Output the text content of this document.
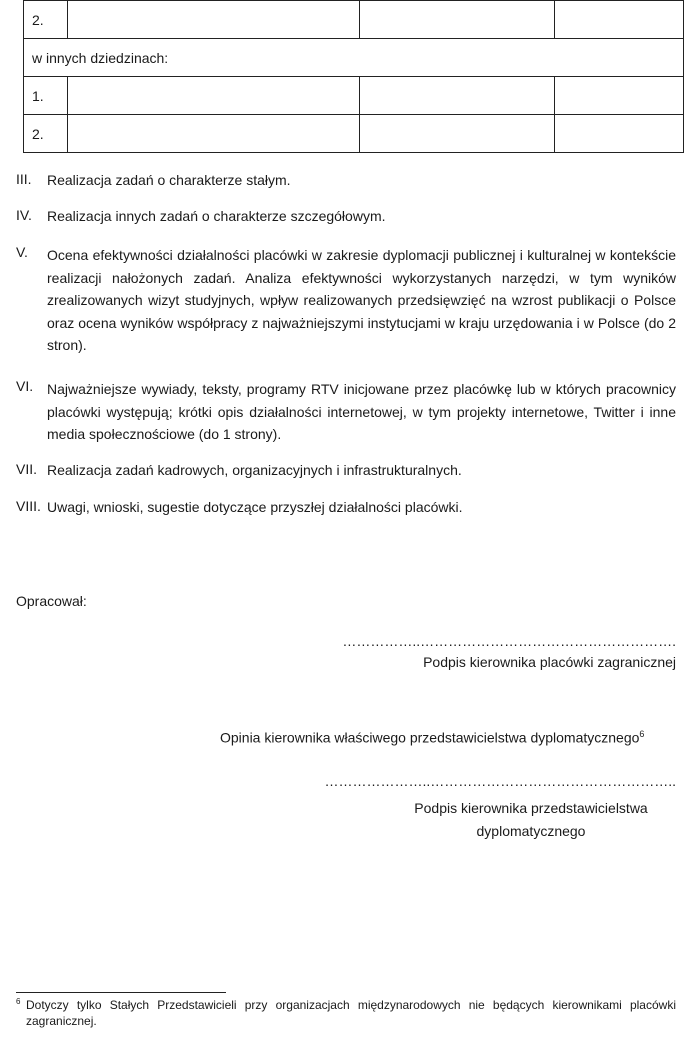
2.			
w innych dziedzinach:			
1.			
2.			
III. Realizacja zadań o charakterze stałym.
IV. Realizacja innych zadań o charakterze szczegółowym.
V. Ocena efektywności działalności placówki w zakresie dyplomacji publicznej i kulturalnej w kontekście realizacji nałożonych zadań. Analiza efektywności wykorzystanych narzędzi, w tym wyników zrealizowanych wizyt studyjnych, wpływ realizowanych przedsięwzięć na wzrost publikacji o Polsce oraz ocena wyników współpracy z najważniejszymi instytucjami w kraju urzędowania i w Polsce (do 2 stron).
VI. Najważniejsze wywiady, teksty, programy RTV inicjowane przez placówkę lub w których pracownicy placówki występują; krótki opis działalności internetowej, w tym projekty internetowe, Twitter i inne media społecznościowe (do 1 strony).
VII. Realizacja zadań kadrowych, organizacyjnych i infrastrukturalnych.
VIII. Uwagi, wnioski, sugestie dotyczące przyszłej działalności placówki.
Opracował:
……………..……………………………………………….
Podpis kierownika placówki zagranicznej
Opinia kierownika właściwego przedstawicielstwa dyplomatycznego$^6$
…………………..……………………………………………..
Podpis kierownika przedstawicielstwa
dyplomatycznego
6 Dotyczy tylko Stałych Przedstawicieli przy organizacjach międzynarodowych nie będących kierownikami placówki zagranicznej.
